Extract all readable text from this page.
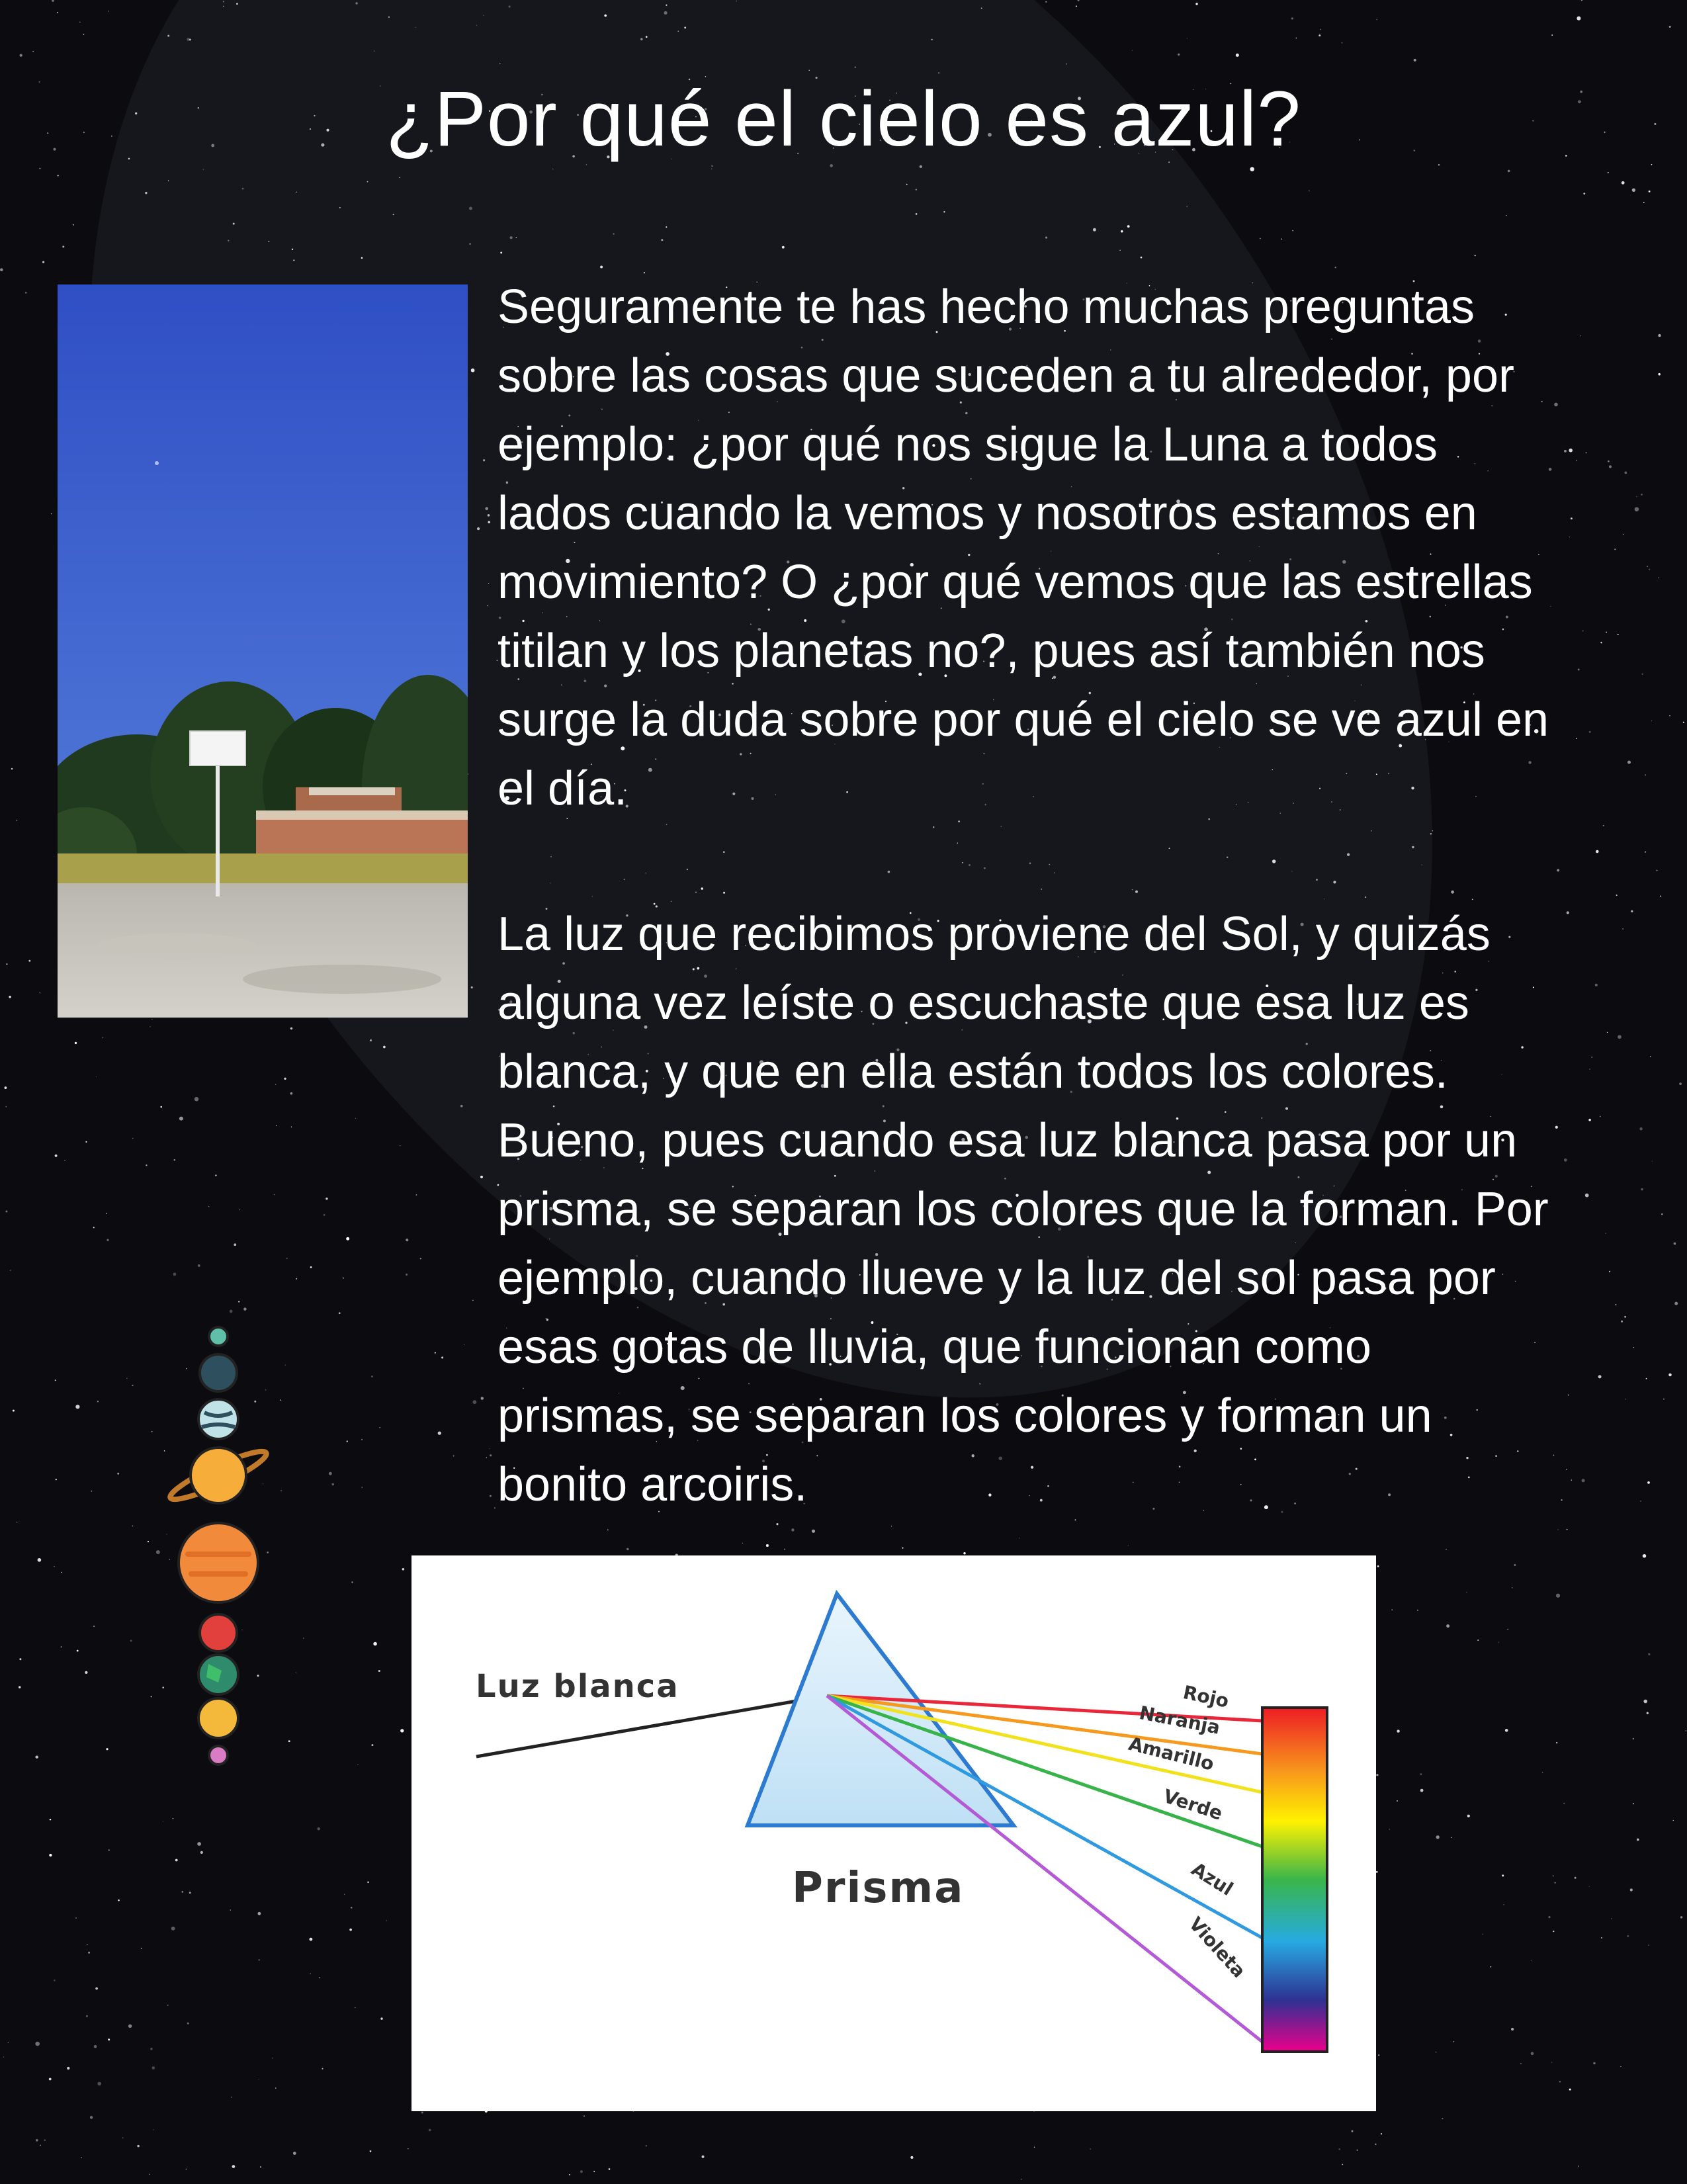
¿Por qué el cielo es azul?
Seguramente te has hecho muchas preguntas
sobre las cosas que suceden a tu alrededor, por
ejemplo: ¿por qué nos sigue la Luna a todos
lados cuando la vemos y nosotros estamos en
movimiento? O ¿por qué vemos que las estrellas
titilan y los planetas no?, pues así también nos
surge la duda sobre por qué el cielo se ve azul en
el día.
La luz que recibimos proviene del Sol, y quizás
alguna vez leíste o escuchaste que esa luz es
blanca, y que en ella están todos los colores.
Bueno, pues cuando esa luz blanca pasa por un
prisma, se separan los colores que la forman. Por
ejemplo, cuando llueve y la luz del sol pasa por
esas gotas de lluvia, que funcionan como
prismas, se separan los colores y forman un
bonito arcoiris.
Luz blanca
Prisma
Rojo
Naranja
Amarillo
Verde
Azul
Violeta
